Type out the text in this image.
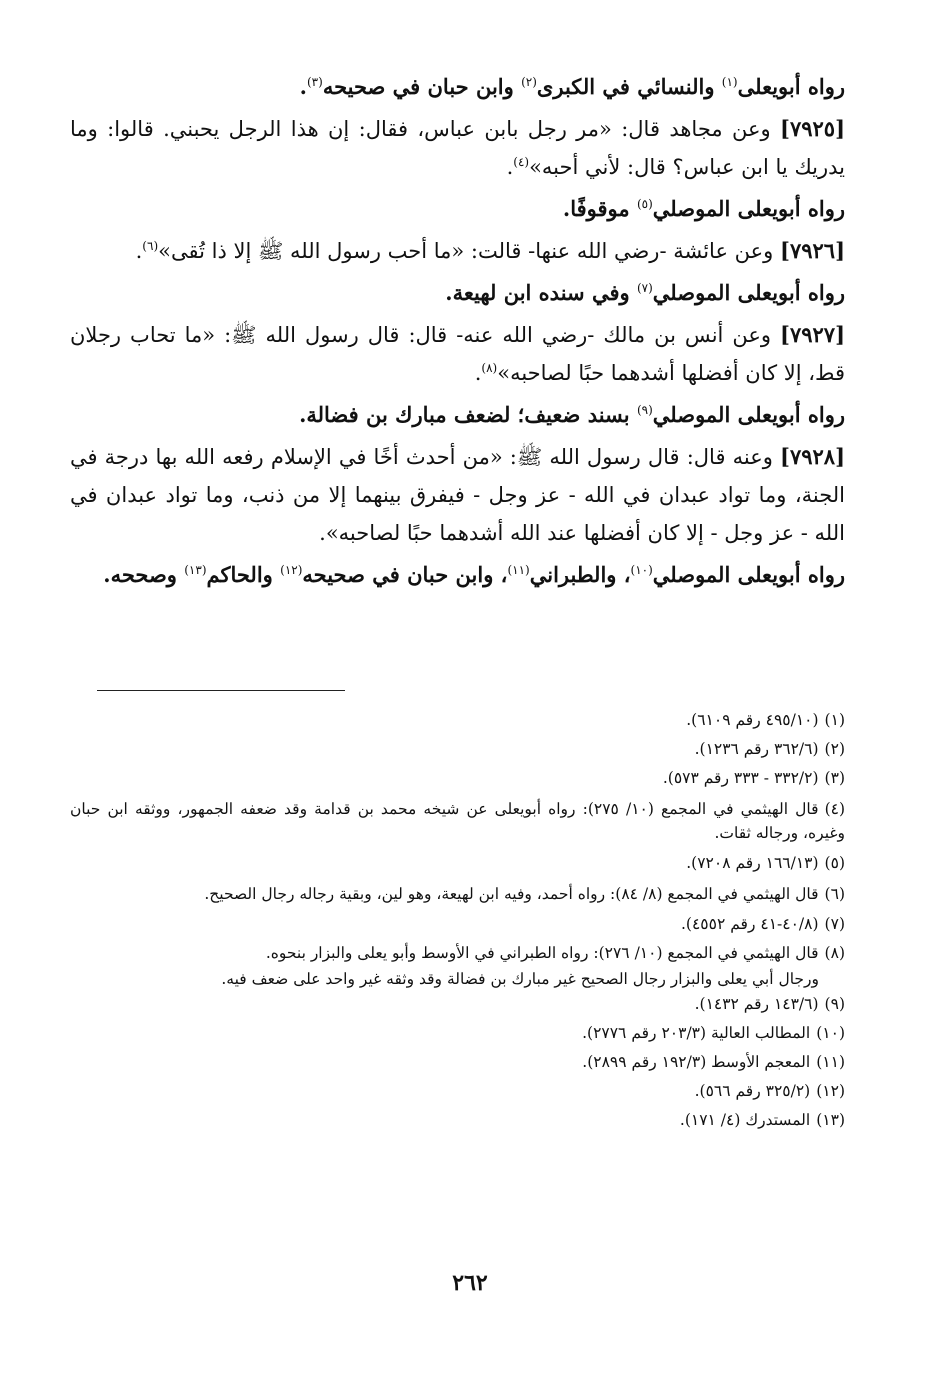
رواه أبويعلى$^{(١)}$ والنسائي في الكبرى$^{(٢)}$ وابن حبان في صحيحه$^{(٣)}$.

[٧٩٢٥] وعن مجاهد قال: «مر رجل بابن عباس، فقال: إن هذا الرجل يحبني. قالوا: وما يدريك يا ابن عباس؟ قال: لأني أحبه»$^{(٤)}$.

رواه أبويعلى الموصلي$^{(٥)}$ موقوفًا.

[٧٩٢٦] وعن عائشة -رضي الله عنها- قالت: «ما أحب رسول الله ﷺ إلا ذا تُقى»$^{(٦)}$.

رواه أبويعلى الموصلي$^{(٧)}$ وفي سنده ابن لهيعة.

[٧٩٢٧] وعن أنس بن مالك -رضي الله عنه- قال: قال رسول الله ﷺ: «ما تحاب رجلان قط، إلا كان أفضلها أشدهما حبًا لصاحبه»$^{(٨)}$.

رواه أبويعلى الموصلي$^{(٩)}$ بسند ضعيف؛ لضعف مبارك بن فضالة.

[٧٩٢٨] وعنه قال: قال رسول الله ﷺ: «من أحدث أخًا في الإسلام رفعه الله بها درجة في الجنة، وما تواد عبدان في الله - عز وجل - فيفرق بينهما إلا من ذنب، وما تواد عبدان في الله - عز وجل - إلا كان أفضلها عند الله أشدهما حبًا لصاحبه».

رواه أبويعلى الموصلي$^{(١٠)}$، والطبراني$^{(١١)}$، وابن حبان في صحيحه$^{(١٢)}$ والحاكم$^{(١٣)}$ وصححه.

(١)(٤٩٥/١٠ رقم ٦١٠٩).

(٢)(٣٦٢/٦ رقم ١٢٣٦).

(٣)(٣٣٢/٢ - ٣٣٣ رقم ٥٧٣).

(٤)قال الهيثمي في المجمع (١٠/ ٢٧٥): رواه أبويعلى عن شيخه محمد بن قدامة وقد ضعفه الجمهور، ووثقه ابن حبان وغيره، ورجاله ثقات.

(٥)(١٦٦/١٣ رقم ٧٢٠٨).

(٦)قال الهيثمي في المجمع (٨/ ٨٤): رواه أحمد، وفيه ابن لهيعة، وهو لين، وبقية رجاله رجال الصحيح.

(٧)(٤٠/٨-٤١ رقم ٤٥٥٢).

(٨)قال الهيثمي في المجمع (١٠/ ٢٧٦): رواه الطبراني في الأوسط وأبو يعلى والبزار بنحوه.

ورجال أبي يعلى والبزار رجال الصحيح غير مبارك بن فضالة وقد وثقه غير واحد على ضعف فيه.

(٩)(١٤٣/٦ رقم ١٤٣٢).

(١٠)المطالب العالية (٢٠٣/٣ رقم ٢٧٧٦).

(١١)المعجم الأوسط (١٩٢/٣ رقم ٢٨٩٩).

(١٢)(٣٢٥/٢ رقم ٥٦٦).

(١٣)المستدرك (٤/ ١٧١).

٢٦٢
